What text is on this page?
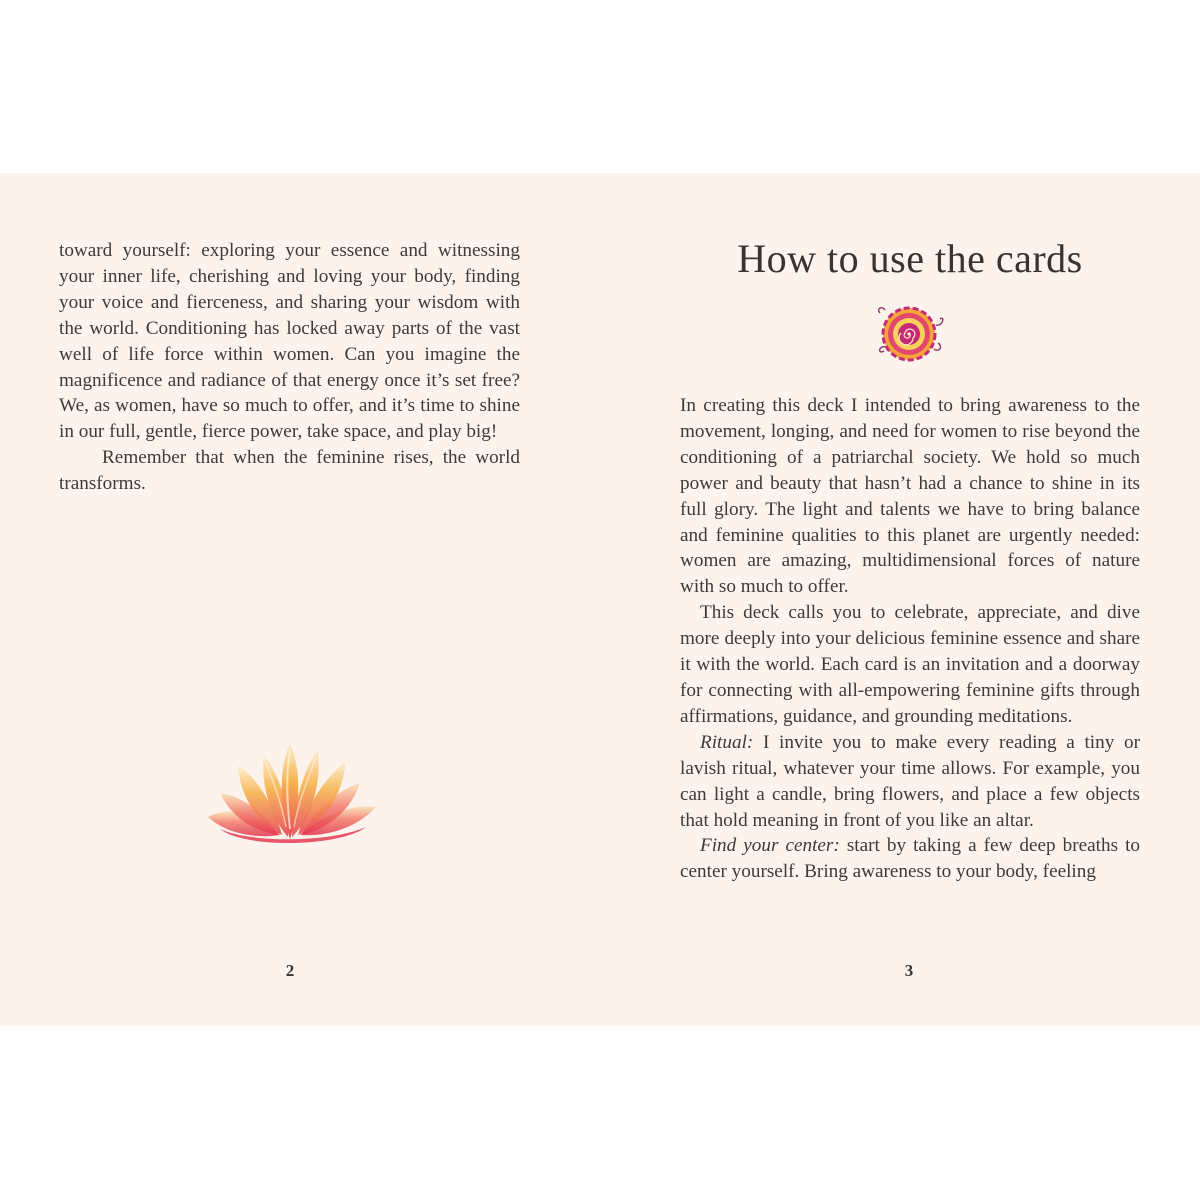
toward yourself: exploring your essence and witnessing your inner life, cherishing and loving your body, finding your voice and fierceness, and sharing your wisdom with the world. Conditioning has locked away parts of the vast well of life force within women. Can you imagine the magnificence and radiance of that energy once it’s set free? We, as women, have so much to offer, and it’s time to shine in our full, gentle, fierce power, take space, and play big!

Remember that when the feminine rises, the world transforms.

2
How to use the cards

In creating this deck I intended to bring awareness to the movement, longing, and need for women to rise beyond the conditioning of a patriarchal society. We hold so much power and beauty that hasn’t had a chance to shine in its full glory. The light and talents we have to bring balance and feminine qualities to this planet are urgently needed: women are amazing, multidimensional forces of nature with so much to offer.

This deck calls you to celebrate, appreciate, and dive more deeply into your delicious feminine essence and share it with the world. Each card is an invitation and a doorway for connecting with all-empowering feminine gifts through affirmations, guidance, and grounding meditations.

Ritual: I invite you to make every reading a tiny or lavish ritual, whatever your time allows. For example, you can light a candle, bring flowers, and place a few objects that hold meaning in front of you like an altar.

Find your center: start by taking a few deep breaths to center yourself. Bring awareness to your body, feeling

3
